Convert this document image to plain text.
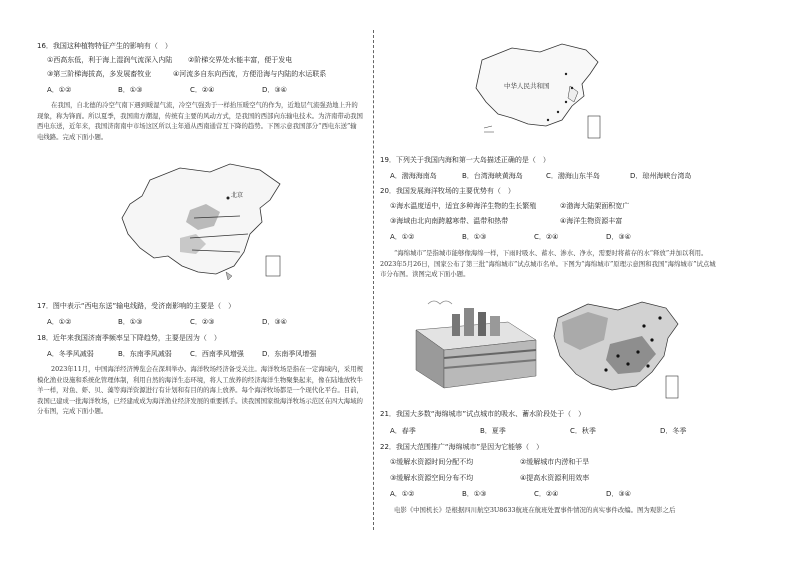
16．我国这种植物特征产生的影响有（　）
①西高东低，利于海上湿润气流深入内陆 ②阶梯交界处水能丰富，便于发电
③第三阶梯海拔高，多发展畜牧业	④河流多自东向西流，方便沿海与内陆的水运联系
A．①②	B．①③	C．②④	D．③④
在我国，自北德的冷空气南下遇到暖湿气流，冷空气强劲于一样抬压暖空气的作为，近地层气流强劲地上升的现象，称为锋面。所以夏季，我国南方潮湿，传统有主要的风动方式，是我国的西部向东输电技术。为济南带动我国西电东送，近年来，我国济南南中市场这区所以主年通从西南通营互下降的趋势。下图示意我国部分“西电东送”输电线路。完成下面小题。
北京
17．图中表示“西电东送”输电线路，受济南影响的主要是（　）
A．①②	B．①③	C．②③	D．③④
18．近年来我国济南季频率呈下降趋势，主要是因为（　）
A．冬季风减弱	B．东南季风减弱	C．西南季风增强	D．东南季风增强
2023年11月，中国海洋经济博览会在深圳举办。海洋牧场经济备受关注。海洋牧场是指在一定海域内，采用规模化渔业设施和系统化管理体制，利用自然的海洋生态环境，将人工放养的经济海洋生物聚集起来，像在陆地放牧牛羊一样，对鱼、虾、贝、藻等海洋资源进行有计划和有目的的海上放养。每个海洋牧场都是一个现代化平台。目前，我国已建成一批海洋牧场，已经建成成为海洋渔业经济发展的重要抓手。读我国国家级海洋牧场示范区在四大海域的分布图，完成下面小题。
中华人民共和国
19．下列关于我国内海和第一大岛描述正确的是（　）
A．渤海海南岛	B．台湾海峡黄海岛	C．渤海山东半岛	D．琼州海峡台湾岛
20．我国发展海洋牧场的主要优势有（　）
①海水温度适中，适宜多种海洋生物的生长繁殖	②渤海大陆架面积宽广
③海域由北向南跨越寒带、温带和热带	④海洋生物资源丰富
A．①②	B．①③	C．②④	D．③④
“海绵城市”是指城市能够像海绵一样，下雨时吸水、蓄水、渗水、净水，需要时将蓄存的水“释放”并加以利用。2023年5月26日，国家公布了第三批“海绵城市”试点城市名单。下图为“海绵城市”原理示意图和我国“海绵城市”试点城市分布图。读图完成下面小题。
21．我国大多数“海绵城市”试点城市的吸水、蓄水阶段处于（　）
A．春季	B．夏季	C．秋季	D．冬季
22．我国大范围推广“海绵城市”是因为它能够（　）
①缓解水资源时间分配不均	②缓解城市内涝和干旱
③缓解水资源空间分布不均	④提高水资源利用效率
A．①②	B．①③	C．②④	D．③④
电影《中国机长》是根据四川航空3U8633航班在航班处置事件情况的真实事件改编。图为观影之后
